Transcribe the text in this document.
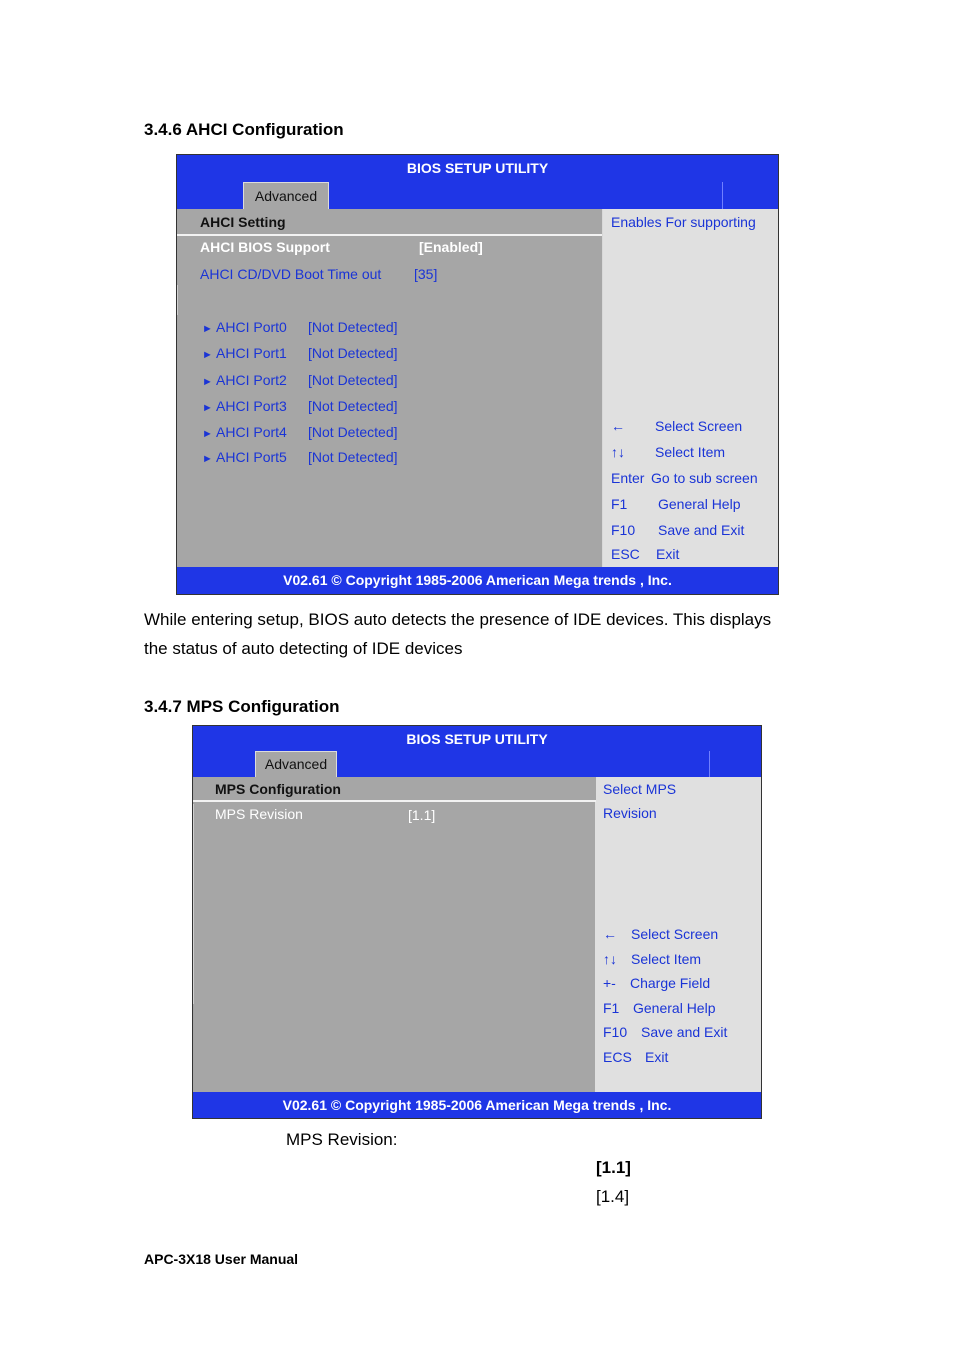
3.4.6 AHCI Configuration
BIOS SETUP UTILITY
Advanced
AHCI Setting
AHCI BIOS Support	[Enabled]
AHCI CD/DVD Boot Time out [35]
► AHCI Port0 [Not Detected]
► AHCI Port1 [Not Detected]
► AHCI Port2 [Not Detected]
► AHCI Port3 [Not Detected]
► AHCI Port4 [Not Detected]
► AHCI Port5 [Not Detected]
Enables For supporting
← Select Screen
↑↓ Select Item
Enter Go to sub screen
F1 General Help
F10 Save and Exit
ESC Exit
V02.61 © Copyright 1985-2006 American Mega trends , Inc.
While entering setup, BIOS auto detects the presence of IDE devices. This displays
the status of auto detecting of IDE devices
3.4.7 MPS Configuration
BIOS SETUP UTILITY
Advanced
MPS Configuration
MPS Revision	[1.1]
Select MPS
Revision
← Select Screen
↑↓ Select Item
+- Charge Field
F1 General Help
F10 Save and Exit
ECS Exit
V02.61 © Copyright 1985-2006 American Mega trends , Inc.
MPS Revision:
[1.1]
[1.4]
APC-3X18 User Manual
